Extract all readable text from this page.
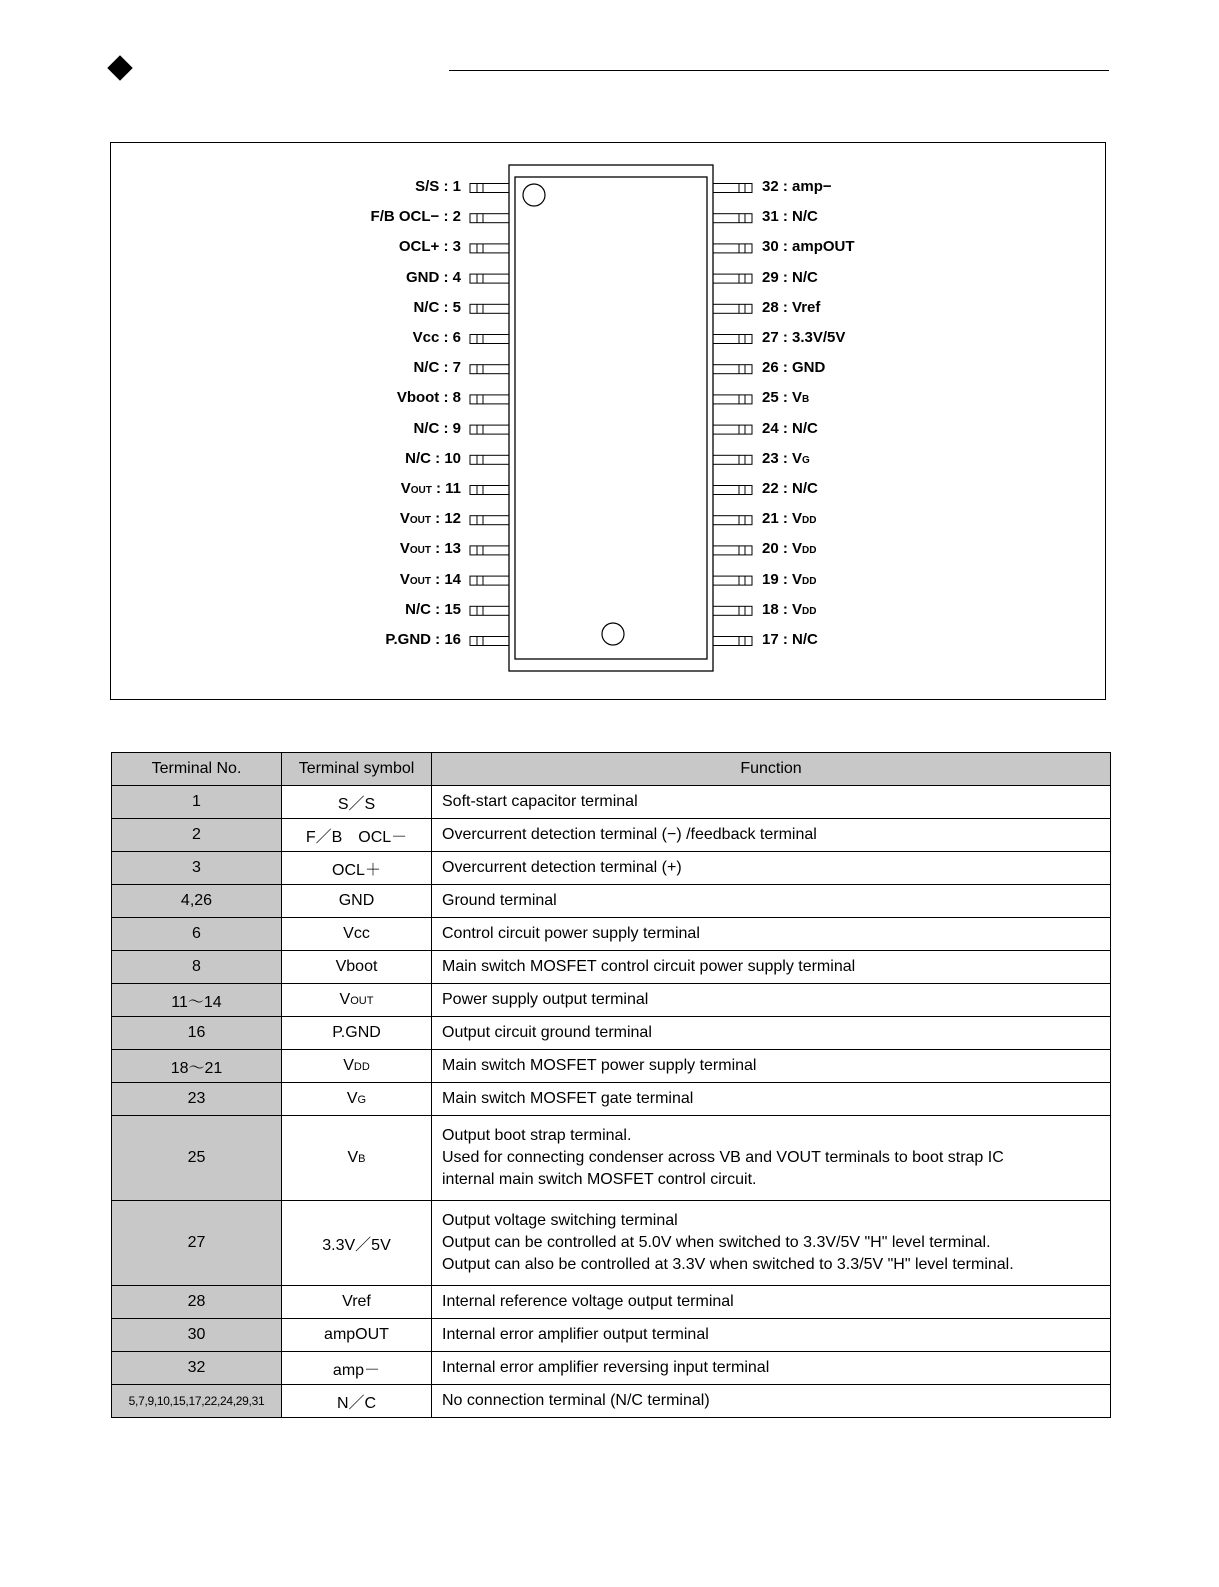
S/S : 1
F/B OCL− : 2
OCL+ : 3
GND : 4
N/C : 5
Vcc : 6
N/C : 7
Vboot : 8
N/C : 9
N/C : 10
VOUT : 11
VOUT : 12
VOUT : 13
VOUT : 14
N/C : 15
P.GND : 16
32 : amp−
31 : N/C
30 : ampOUT
29 : N/C
28 : Vref
27 : 3.3V/5V
26 : GND
25 : VB
24 : N/C
23 : VG
22 : N/C
21 : VDD
20 : VDD
19 : VDD
18 : VDD
17 : N/C
Terminal No.	Terminal symbol	Function
1	S／S	Soft-start capacitor terminal

2	F／B　OCL－	Overcurrent detection terminal (−) /feedback terminal

3	OCL＋	Overcurrent detection terminal (+)

4,26	GND	Ground terminal

6	Vcc	Control circuit power supply terminal

8	Vboot	Main switch MOSFET control circuit power supply terminal

11～14	VOUT	Power supply output terminal

16	P.GND	Output circuit ground terminal

18～21	VDD	Main switch MOSFET power supply terminal

23	VG	Main switch MOSFET gate terminal

25	VB	Output boot strap terminal.
Used for connecting condenser across VB and VOUT terminals to boot strap IC
internal main switch MOSFET control circuit.

27	3.3V／5V	Output voltage switching terminal
Output can be controlled at 5.0V when switched to 3.3V/5V "H" level terminal.
Output can also be controlled at 3.3V when switched to 3.3/5V "H" level terminal.

28	Vref	Internal reference voltage output terminal

30	ampOUT	Internal error amplifier output terminal

32	amp－	Internal error amplifier reversing input terminal

5,7,9,10,15,17,22,24,29,31	N／C	No connection terminal (N/C terminal)
